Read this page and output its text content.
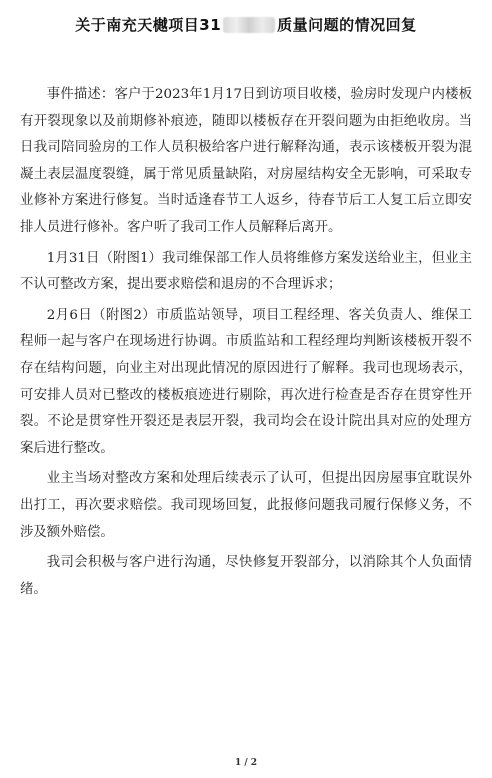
关于南充天樾项目31	质量问题的情况回复

事件描述：客户于2023年1月17日到访项目收楼，验房时发现户内楼板有开裂现象以及前期修补痕迹，随即以楼板存在开裂问题为由拒绝收房。当日我司陪同验房的工作人员积极给客户进行解释沟通，表示该楼板开裂为混凝土表层温度裂缝，属于常见质量缺陷，对房屋结构安全无影响，可采取专业修补方案进行修复。当时适逢春节工人返乡，待春节后工人复工后立即安排人员进行修补。客户听了我司工作人员解释后离开。

1月31日（附图1）我司维保部工作人员将维修方案发送给业主，但业主不认可整改方案，提出要求赔偿和退房的不合理诉求；

2月6日（附图2）市质监站领导，项目工程经理、客关负责人、维保工程师一起与客户在现场进行协调。市质监站和工程经理均判断该楼板开裂不存在结构问题，向业主对出现此情况的原因进行了解释。我司也现场表示，可安排人员对已整改的楼板痕迹进行剔除，再次进行检查是否存在贯穿性开裂。不论是贯穿性开裂还是表层开裂，我司均会在设计院出具对应的处理方案后进行整改。

业主当场对整改方案和处理后续表示了认可，但提出因房屋事宜耽误外出打工，再次要求赔偿。我司现场回复，此报修问题我司履行保修义务，不涉及额外赔偿。

我司会积极与客户进行沟通，尽快修复开裂部分，以消除其个人负面情绪。

1 / 2
